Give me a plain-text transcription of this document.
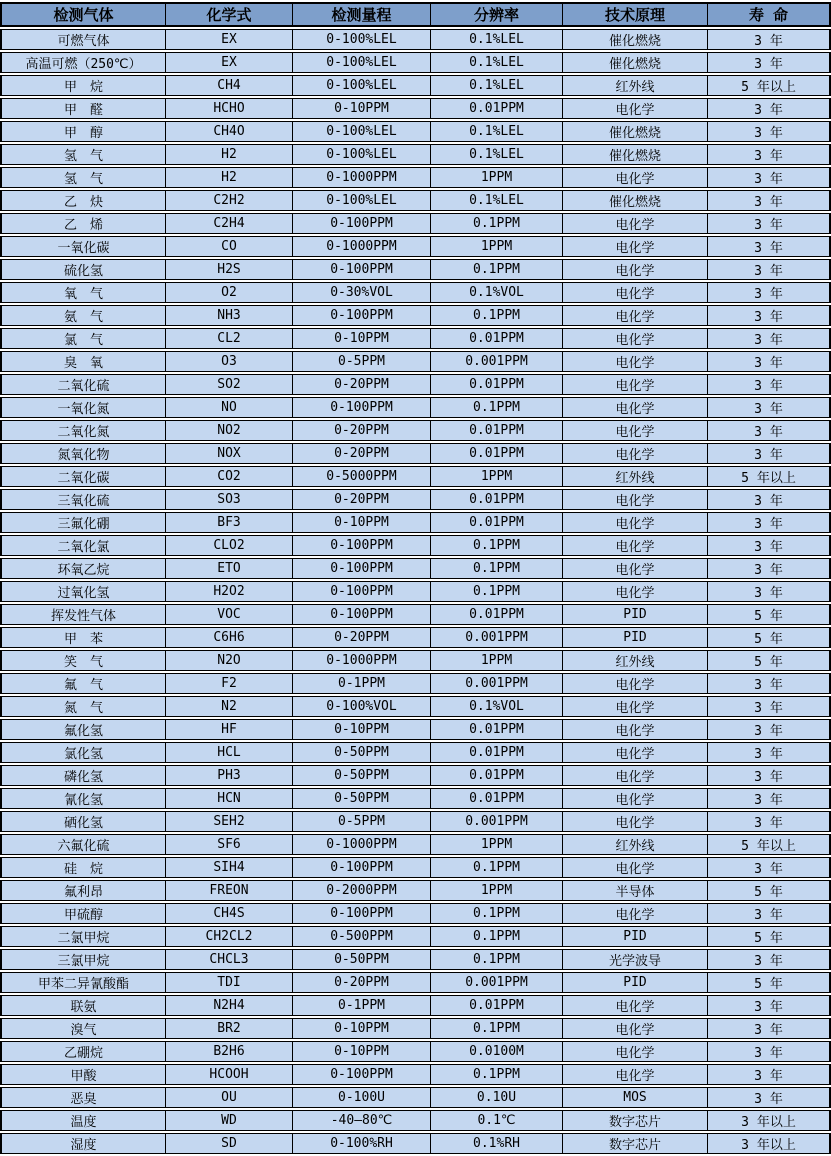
检测气体	化学式	检测量程	分辨率	技术原理	寿 命
可燃气体	EX	0-100%LEL	0.1%LEL	催化燃烧	3 年
高温可燃（250℃）	EX	0-100%LEL	0.1%LEL	催化燃烧	3 年
甲　烷	CH4	0-100%LEL	0.1%LEL	红外线	5 年以上
甲　醛	HCHO	0-10PPM	0.01PPM	电化学	3 年
甲　醇	CH4O	0-100%LEL	0.1%LEL	催化燃烧	3 年
氢　气	H2	0-100%LEL	0.1%LEL	催化燃烧	3 年
氢　气	H2	0-1000PPM	1PPM	电化学	3 年
乙　炔	C2H2	0-100%LEL	0.1%LEL	催化燃烧	3 年
乙　烯	C2H4	0-100PPM	0.1PPM	电化学	3 年
一氧化碳	CO	0-1000PPM	1PPM	电化学	3 年
硫化氢	H2S	0-100PPM	0.1PPM	电化学	3 年
氧　气	O2	0-30%VOL	0.1%VOL	电化学	3 年
氨　气	NH3	0-100PPM	0.1PPM	电化学	3 年
氯　气	CL2	0-10PPM	0.01PPM	电化学	3 年
臭　氧	O3	0-5PPM	0.001PPM	电化学	3 年
二氧化硫	SO2	0-20PPM	0.01PPM	电化学	3 年
一氧化氮	NO	0-100PPM	0.1PPM	电化学	3 年
二氧化氮	NO2	0-20PPM	0.01PPM	电化学	3 年
氮氧化物	NOX	0-20PPM	0.01PPM	电化学	3 年
二氧化碳	CO2	0-5000PPM	1PPM	红外线	5 年以上
三氧化硫	SO3	0-20PPM	0.01PPM	电化学	3 年
三氟化硼	BF3	0-10PPM	0.01PPM	电化学	3 年
二氧化氯	CLO2	0-100PPM	0.1PPM	电化学	3 年
环氧乙烷	ETO	0-100PPM	0.1PPM	电化学	3 年
过氧化氢	H2O2	0-100PPM	0.1PPM	电化学	3 年
挥发性气体	VOC	0-100PPM	0.01PPM	PID	5 年
甲　苯	C6H6	0-20PPM	0.001PPM	PID	5 年
笑　气	N2O	0-1000PPM	1PPM	红外线	5 年
氟　气	F2	0-1PPM	0.001PPM	电化学	3 年
氮　气	N2	0-100%VOL	0.1%VOL	电化学	3 年
氟化氢	HF	0-10PPM	0.01PPM	电化学	3 年
氯化氢	HCL	0-50PPM	0.01PPM	电化学	3 年
磷化氢	PH3	0-50PPM	0.01PPM	电化学	3 年
氰化氢	HCN	0-50PPM	0.01PPM	电化学	3 年
硒化氢	SEH2	0-5PPM	0.001PPM	电化学	3 年
六氟化硫	SF6	0-1000PPM	1PPM	红外线	5 年以上
硅　烷	SIH4	0-100PPM	0.1PPM	电化学	3 年
氟利昂	FREON	0-2000PPM	1PPM	半导体	5 年
甲硫醇	CH4S	0-100PPM	0.1PPM	电化学	3 年
二氯甲烷	CH2CL2	0-500PPM	0.1PPM	PID	5 年
三氯甲烷	CHCL3	0-50PPM	0.1PPM	光学波导	3 年
甲苯二异氰酸酯	TDI	0-20PPM	0.001PPM	PID	5 年
联氨	N2H4	0-1PPM	0.01PPM	电化学	3 年
溴气	BR2	0-10PPM	0.1PPM	电化学	3 年
乙硼烷	B2H6	0-10PPM	0.0100M	电化学	3 年
甲酸	HCOOH	0-100PPM	0.1PPM	电化学	3 年
恶臭	OU	0-100U	0.10U	MOS	3 年
温度	WD	-40—80℃	0.1℃	数字芯片	3 年以上
湿度	SD	0-100%RH	0.1%RH	数字芯片	3 年以上
